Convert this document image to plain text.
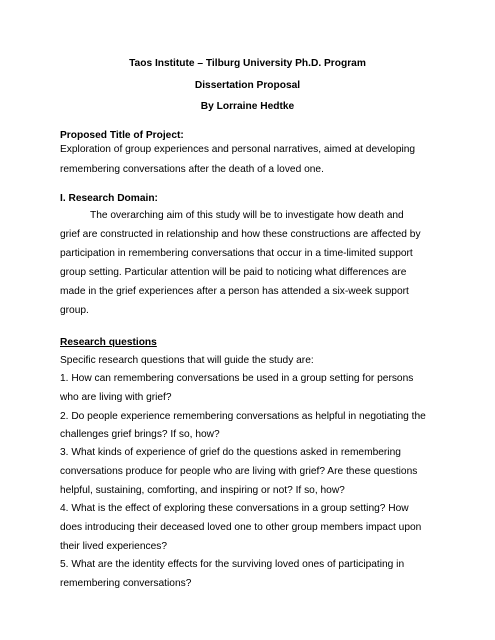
Taos Institute – Tilburg University Ph.D. Program
Dissertation Proposal
By Lorraine Hedtke
Proposed Title of Project:
Exploration of group experiences and personal narratives, aimed at developing
remembering conversations after the death of a loved one.
I. Research Domain:
The overarching aim of this study will be to investigate how death and
grief are constructed in relationship and how these constructions are affected by
participation in remembering conversations that occur in a time-limited support
group setting. Particular attention will be paid to noticing what differences are
made in the grief experiences after a person has attended a six-week support
group.
Research questions
Specific research questions that will guide the study are:
1. How can remembering conversations be used in a group setting for persons
who are living with grief?
2. Do people experience remembering conversations as helpful in negotiating the
challenges grief brings? If so, how?
3. What kinds of experience of grief do the questions asked in remembering
conversations produce for people who are living with grief? Are these questions
helpful, sustaining, comforting, and inspiring or not? If so, how?
4. What is the effect of exploring these conversations in a group setting? How
does introducing their deceased loved one to other group members impact upon
their lived experiences?
5. What are the identity effects for the surviving loved ones of participating in
remembering conversations?
